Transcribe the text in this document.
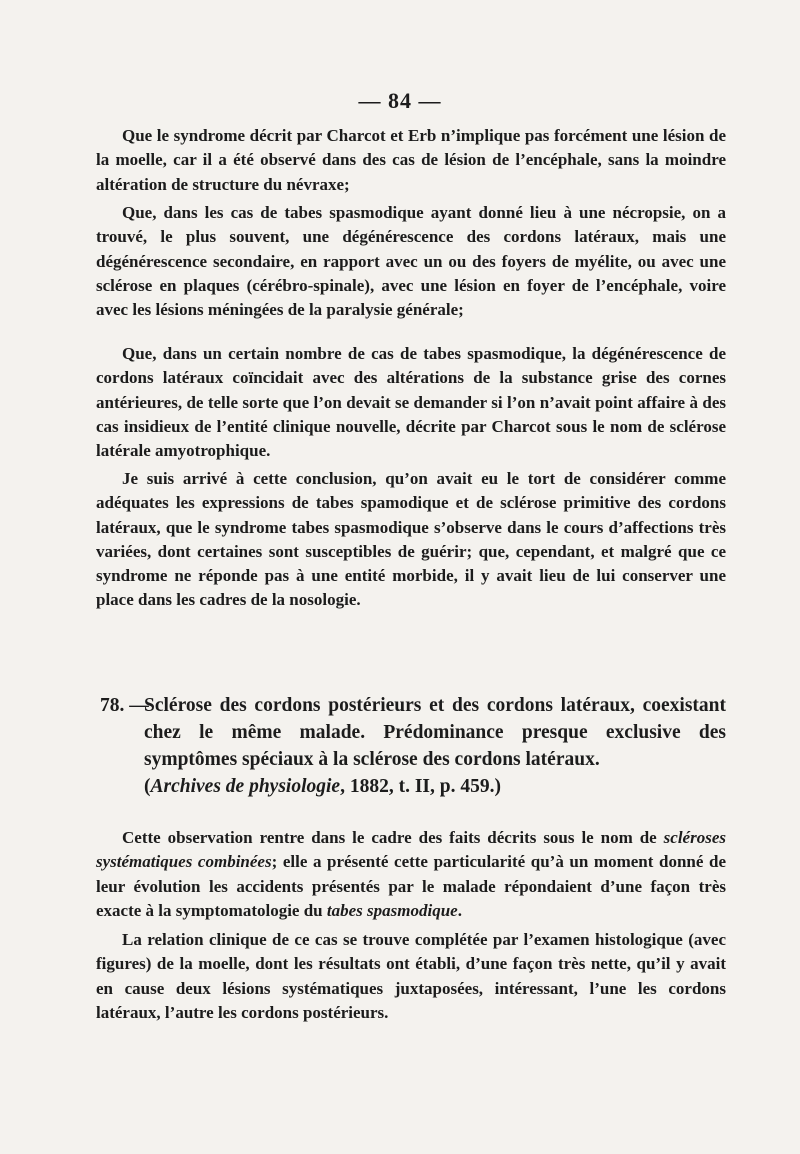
— 84 —

Que le syndrome décrit par Charcot et Erb n’implique pas forcément une lésion de la moelle, car il a été observé dans des cas de lésion de l’encéphale, sans la moindre altération de structure du névraxe;

Que, dans les cas de tabes spasmodique ayant donné lieu à une nécropsie, on a trouvé, le plus souvent, une dégénérescence des cordons latéraux, mais une dégénérescence secondaire, en rapport avec un ou des foyers de myélite, ou avec une sclérose en plaques (cérébro-spinale), avec une lésion en foyer de l’encéphale, voire avec les lésions méningées de la paralysie générale;

Que, dans un certain nombre de cas de tabes spasmodique, la dégénérescence de cordons latéraux coïncidait avec des altérations de la substance grise des cornes antérieures, de telle sorte que l’on devait se demander si l’on n’avait point affaire à des cas insidieux de l’entité clinique nouvelle, décrite par Charcot sous le nom de sclérose latérale amyotrophique.

Je suis arrivé à cette conclusion, qu’on avait eu le tort de considérer comme adéquates les expressions de tabes spamodique et de sclérose primitive des cordons latéraux, que le syndrome tabes spasmodique s’observe dans le cours d’affections très variées, dont certaines sont susceptibles de guérir; que, cependant, et malgré que ce syndrome ne réponde pas à une entité morbide, il y avait lieu de lui conserver une place dans les cadres de la nosologie.

78. —
Sclérose des cordons postérieurs et des cordons latéraux, coexistant chez le même malade. Prédominance presque exclusive des symptômes spéciaux à la sclérose des cordons latéraux.
(Archives de physiologie, 1882, t. II, p. 459.)

Cette observation rentre dans le cadre des faits décrits sous le nom de scléroses systématiques combinées; elle a présenté cette particularité qu’à un moment donné de leur évolution les accidents présentés par le malade répondaient d’une façon très exacte à la symptomatologie du tabes spasmodique.

La relation clinique de ce cas se trouve complétée par l’examen histologique (avec figures) de la moelle, dont les résultats ont établi, d’une façon très nette, qu’il y avait en cause deux lésions systématiques juxtaposées, intéressant, l’une les cordons latéraux, l’autre les cordons postérieurs.
